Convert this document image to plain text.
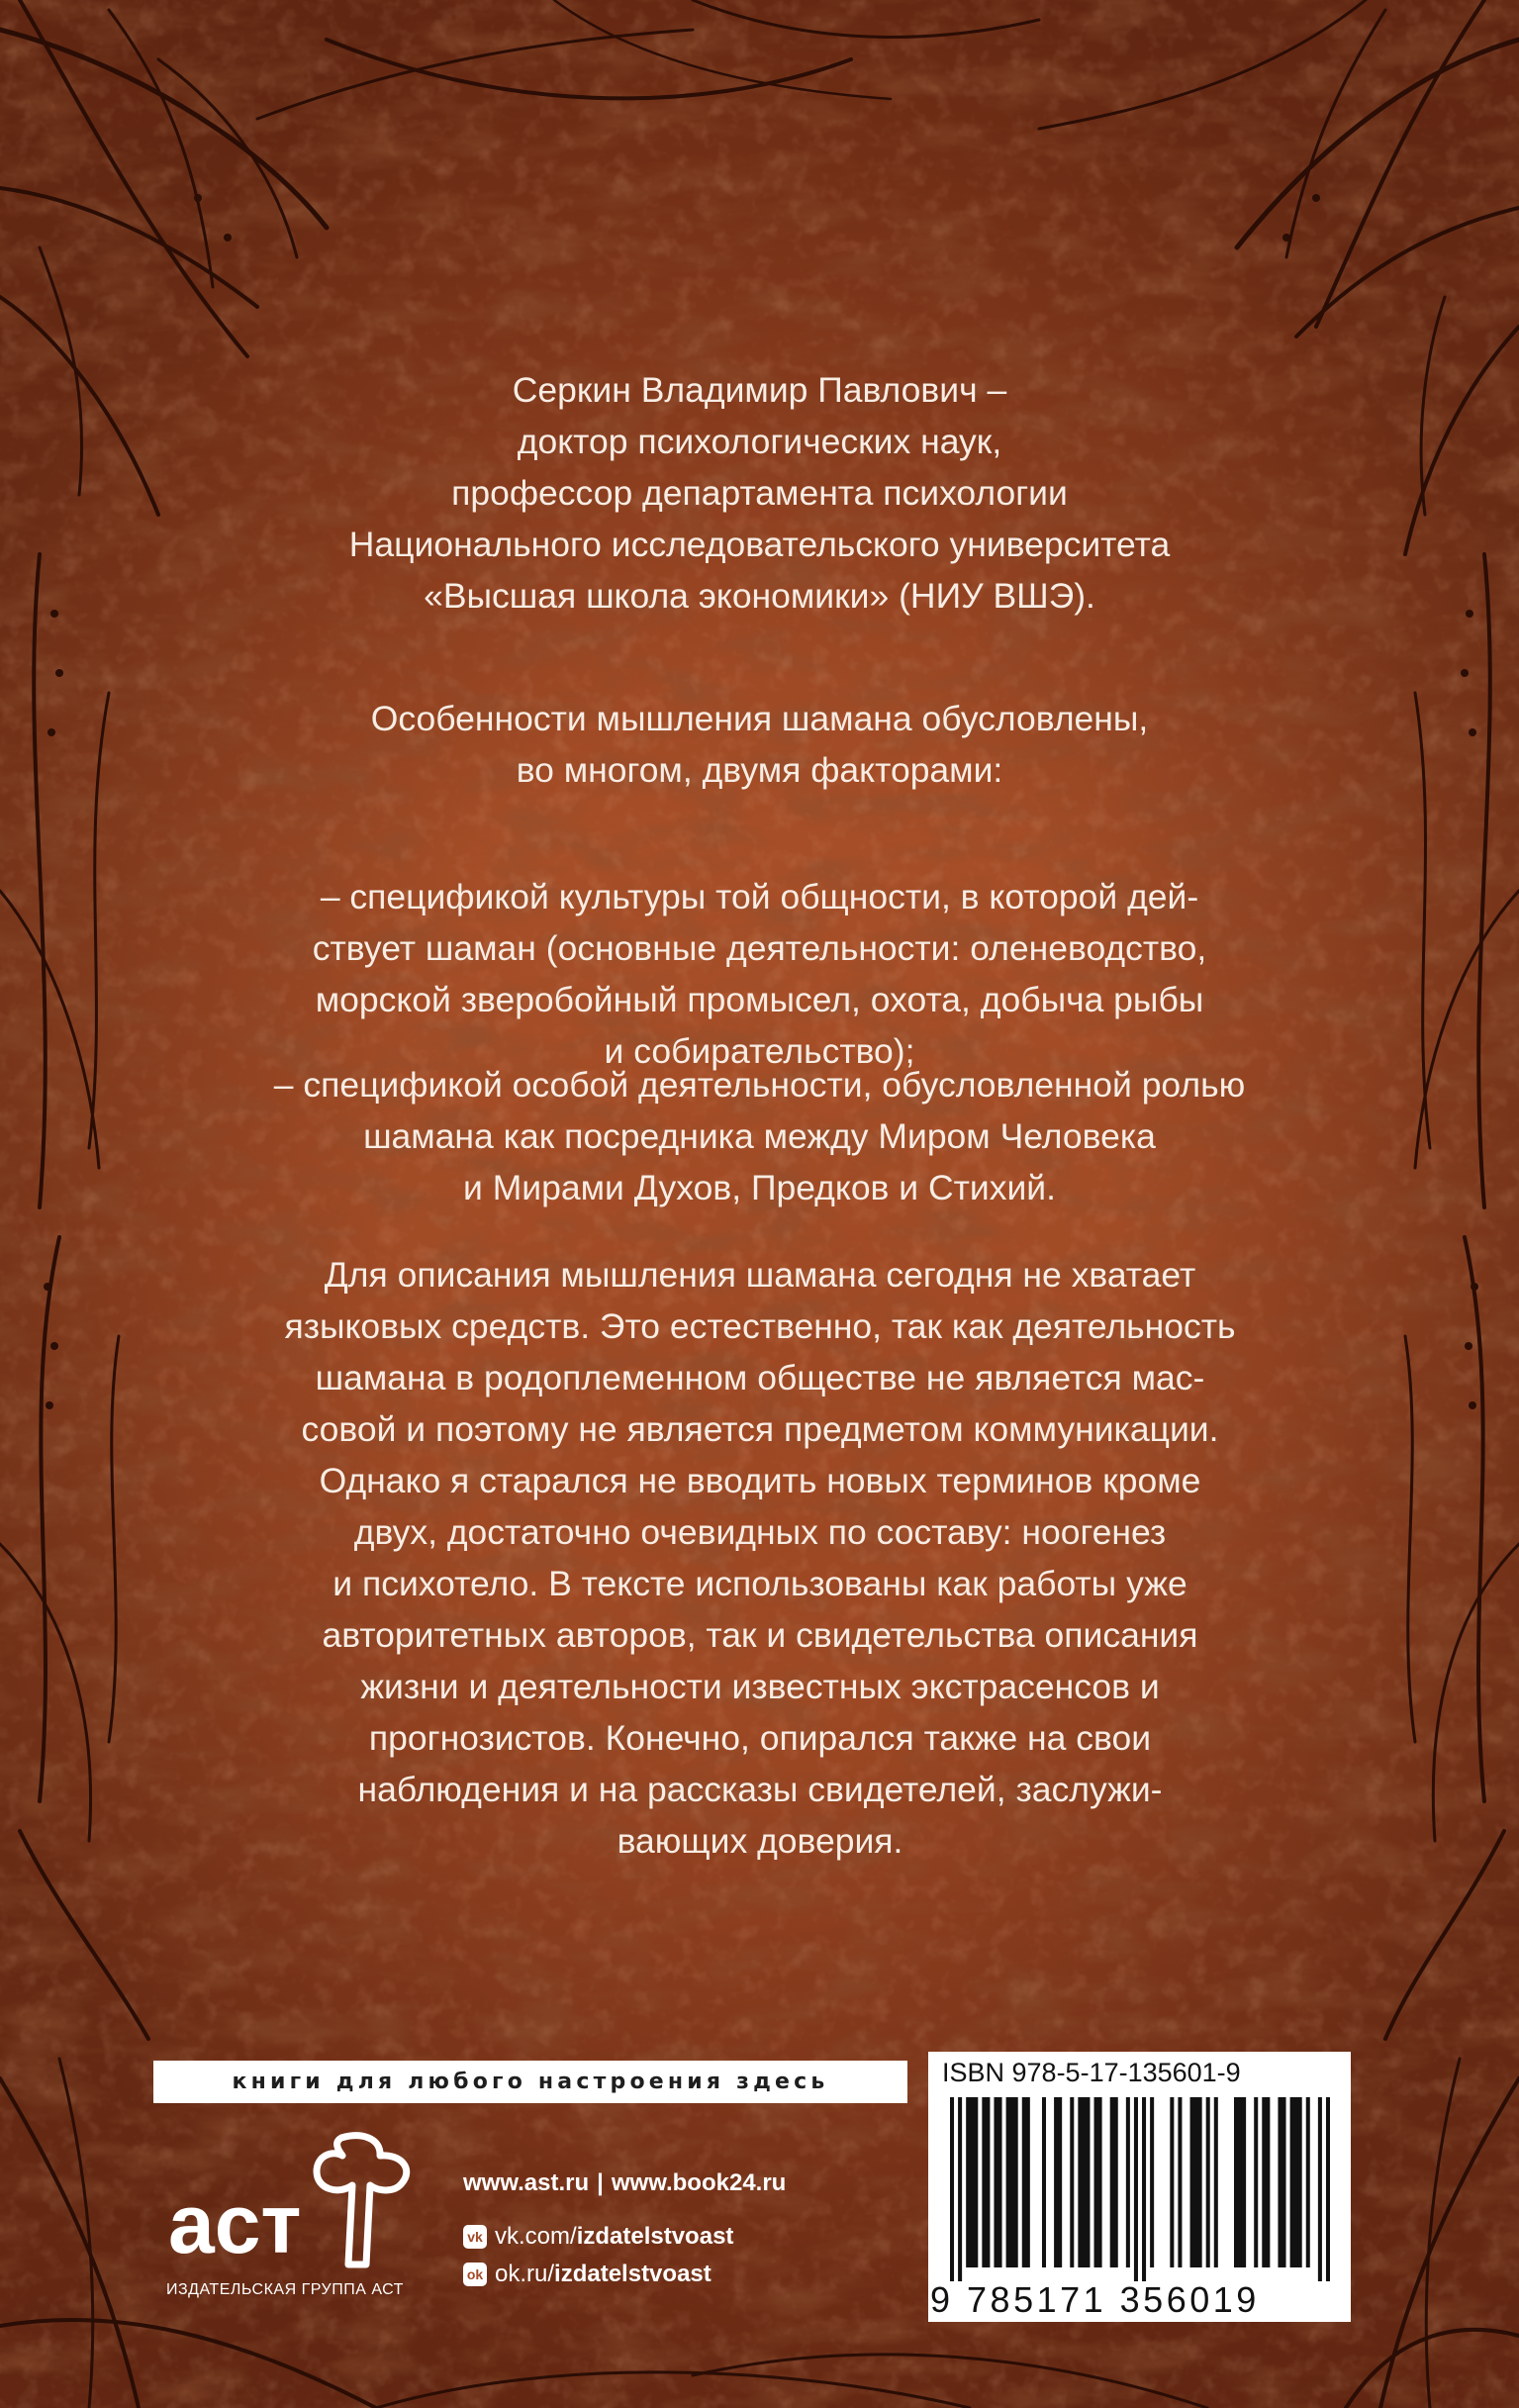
Серкин Владимир Павлович –
доктор психологических наук,
профессор департамента психологии
Национального исследовательского университета
«Высшая школа экономики» (НИУ ВШЭ).
Особенности мышления шамана обусловлены,
во многом, двумя факторами:
– спецификой культуры той общности, в которой дей-
ствует шаман (основные деятельности: оленеводство,
морской зверобойный промысел, охота, добыча рыбы
и собирательство);
– спецификой особой деятельности, обусловленной ролью
шамана как посредника между Миром Человека
и Мирами Духов, Предков и Стихий.
Для описания мышления шамана сегодня не хватает
языковых средств. Это естественно, так как деятельность
шамана в родоплеменном обществе не является мас-
совой и поэтому не является предметом коммуникации.
Однако я старался не вводить новых терминов кроме
двух, достаточно очевидных по составу: ноогенез
и психотело. В тексте использованы как работы уже
авторитетных авторов, так и свидетельства описания
жизни и деятельности известных экстрасенсов и
прогнозистов. Конечно, опирался также на свои
наблюдения и на рассказы свидетелей, заслужи-
вающих доверия.
книги для любого настроения здесь
аст
ИЗДАТЕЛЬСКАЯ ГРУППА АСТ
www.ast.ru | www.book24.ru
vk vk.com/ izdatelstvoast
ok ok.ru/ izdatelstvoast
ISBN 978-5-17-135601-9
9 785171 356019
